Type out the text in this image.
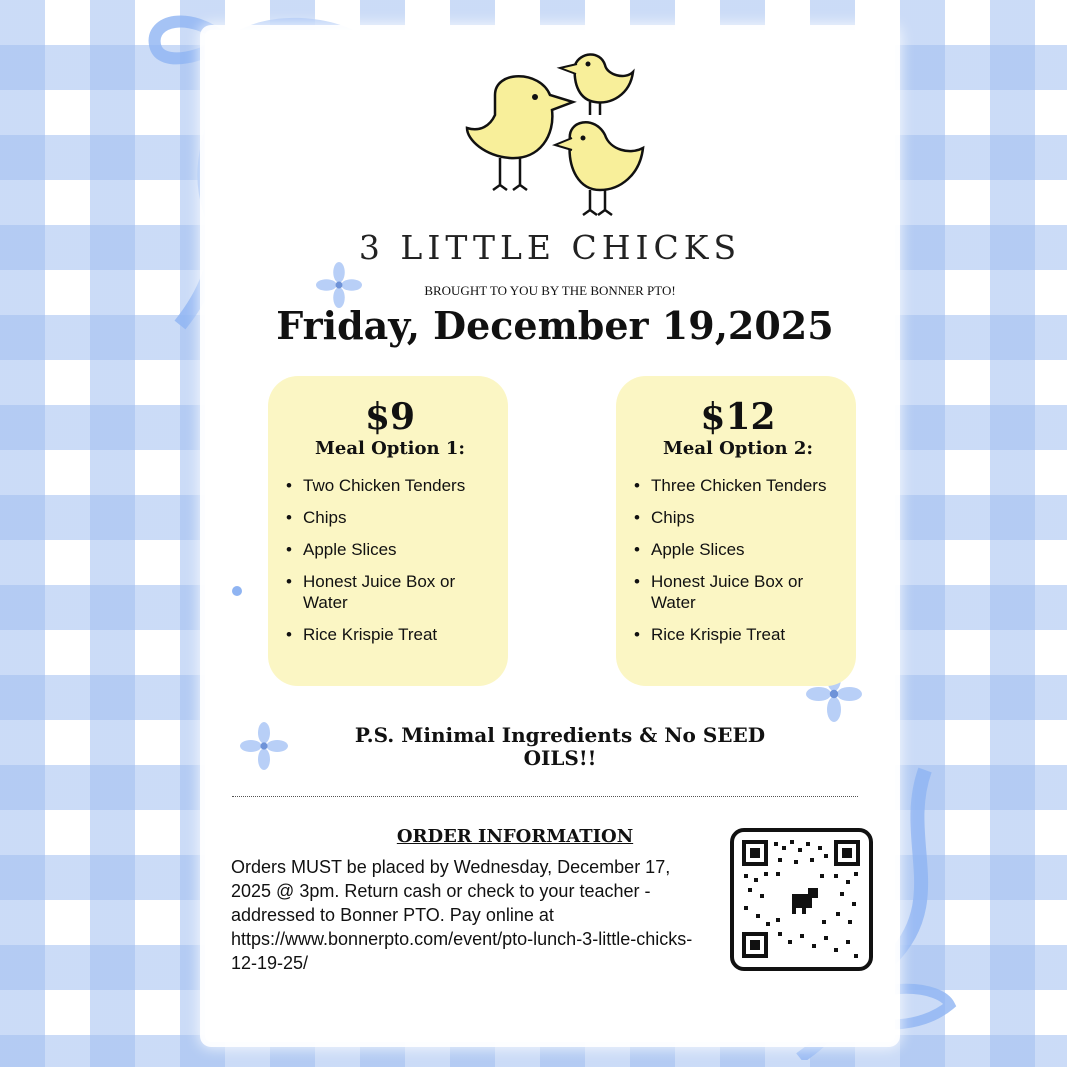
3 LITTLE CHICKS
BROUGHT TO YOU BY THE BONNER PTO!
Friday, December 19,2025
$9
Meal Option 1:
• Two Chicken Tenders
• Chips
• Apple Slices
• Honest Juice Box or Water
• Rice Krispie Treat
$12
Meal Option 2:
• Three Chicken Tenders
• Chips
• Apple Slices
• Honest Juice Box or Water
• Rice Krispie Treat
P.S. Minimal Ingredients & No SEED OILS!!
ORDER INFORMATION
Orders MUST be placed by Wednesday, December 17, 2025 @ 3pm. Return cash or check to your teacher - addressed to Bonner PTO. Pay online at https://www.bonnerpto.com/event/pto-lunch-3-little-chicks-12-19-25/
